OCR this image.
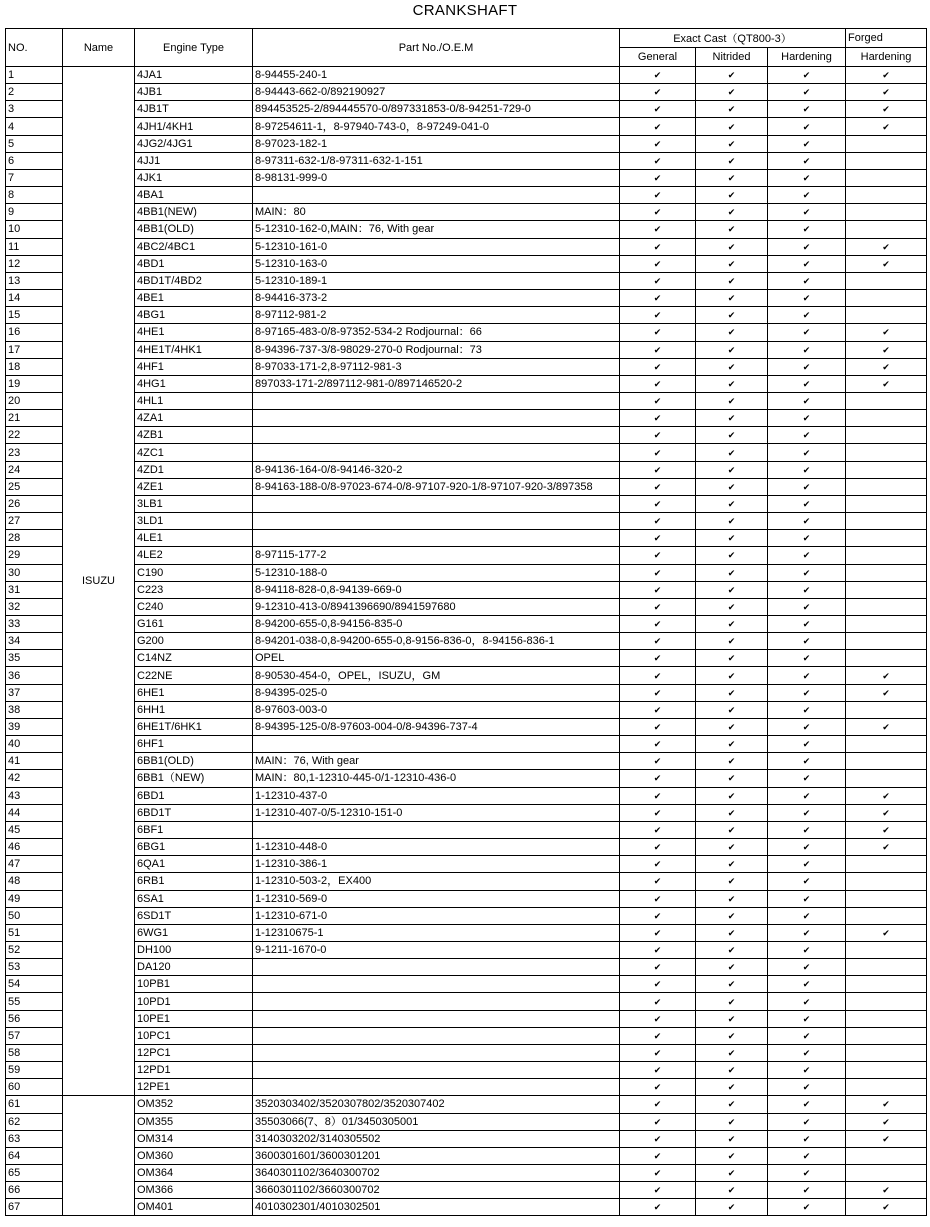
CRANKSHAFT
NO.	Name	Engine Type	Part No./O.E.M	Exact Cast（QT800-3）			Forged
				General	Nitrided	Hardening	Hardening
1	ISUZU	4JA1	8-94455-240-1	✔	✔	✔	✔
2		4JB1	8-94443-662-0/892190927	✔	✔	✔	✔
3		4JB1T	894453525-2/894445570-0/897331853-0/8-94251-729-0	✔	✔	✔	✔
4		4JH1/4KH1	8-97254611-1，8-97940-743-0，8-97249-041-0	✔	✔	✔	✔
5		4JG2/4JG1	8-97023-182-1	✔	✔	✔	
6		4JJ1	8-97311-632-1/8-97311-632-1-151	✔	✔	✔	
7		4JK1	8-98131-999-0	✔	✔	✔	
8		4BA1		✔	✔	✔	
9		4BB1(NEW)	MAIN：80	✔	✔	✔	
10		4BB1(OLD)	5-12310-162-0,MAIN：76, With gear	✔	✔	✔	
11		4BC2/4BC1	5-12310-161-0	✔	✔	✔	✔
12		4BD1	5-12310-163-0	✔	✔	✔	✔
13		4BD1T/4BD2	5-12310-189-1	✔	✔	✔	
14		4BE1	8-94416-373-2	✔	✔	✔	
15		4BG1	8-97112-981-2	✔	✔	✔	
16		4HE1	8-97165-483-0/8-97352-534-2 Rodjournal：66	✔	✔	✔	✔
17		4HE1T/4HK1	8-94396-737-3/8-98029-270-0 Rodjournal：73	✔	✔	✔	✔
18		4HF1	8-97033-171-2,8-97112-981-3	✔	✔	✔	✔
19		4HG1	897033-171-2/897112-981-0/897146520-2	✔	✔	✔	✔
20		4HL1		✔	✔	✔	
21		4ZA1		✔	✔	✔	
22		4ZB1		✔	✔	✔	
23		4ZC1		✔	✔	✔	
24		4ZD1	8-94136-164-0/8-94146-320-2	✔	✔	✔	
25		4ZE1	8-94163-188-0/8-97023-674-0/8-97107-920-1/8-97107-920-3/897358	✔	✔	✔	
26		3LB1		✔	✔	✔	
27		3LD1		✔	✔	✔	
28		4LE1		✔	✔	✔	
29		4LE2	8-97115-177-2	✔	✔	✔	
30		C190	5-12310-188-0	✔	✔	✔	
31		C223	8-94118-828-0,8-94139-669-0	✔	✔	✔	
32		C240	9-12310-413-0/8941396690/8941597680	✔	✔	✔	
33		G161	8-94200-655-0,8-94156-835-0	✔	✔	✔	
34		G200	8-94201-038-0,8-94200-655-0,8-9156-836-0，8-94156-836-1	✔	✔	✔	
35		C14NZ	OPEL	✔	✔	✔	
36		C22NE	8-90530-454-0，OPEL，ISUZU，GM	✔	✔	✔	✔
37		6HE1	8-94395-025-0	✔	✔	✔	✔
38		6HH1	8-97603-003-0	✔	✔	✔	
39		6HE1T/6HK1	8-94395-125-0/8-97603-004-0/8-94396-737-4	✔	✔	✔	✔
40		6HF1		✔	✔	✔	
41		6BB1(OLD)	MAIN：76, With gear	✔	✔	✔	
42		6BB1（NEW)	MAIN：80,1-12310-445-0/1-12310-436-0	✔	✔	✔	
43		6BD1	1-12310-437-0	✔	✔	✔	✔
44		6BD1T	1-12310-407-0/5-12310-151-0	✔	✔	✔	✔
45		6BF1		✔	✔	✔	✔
46		6BG1	1-12310-448-0	✔	✔	✔	✔
47		6QA1	1-12310-386-1	✔	✔	✔	
48		6RB1	1-12310-503-2，EX400	✔	✔	✔	
49		6SA1	1-12310-569-0	✔	✔	✔	
50		6SD1T	1-12310-671-0	✔	✔	✔	
51		6WG1	1-12310675-1	✔	✔	✔	✔
52		DH100	9-1211-1670-0	✔	✔	✔	
53		DA120		✔	✔	✔	
54		10PB1		✔	✔	✔	
55		10PD1		✔	✔	✔	
56		10PE1		✔	✔	✔	
57		10PC1		✔	✔	✔	
58		12PC1		✔	✔	✔	
59		12PD1		✔	✔	✔	
60		12PE1		✔	✔	✔	
61		OM352	3520303402/3520307802/3520307402	✔	✔	✔	✔
62		OM355	35503066(7、8）01/3450305001	✔	✔	✔	✔
63		OM314	3140303202/3140305502	✔	✔	✔	✔
64		OM360	3600301601/3600301201	✔	✔	✔	
65		OM364	3640301102/3640300702	✔	✔	✔	
66		OM366	3660301102/3660300702	✔	✔	✔	✔
67		OM401	4010302301/4010302501	✔	✔	✔	✔
